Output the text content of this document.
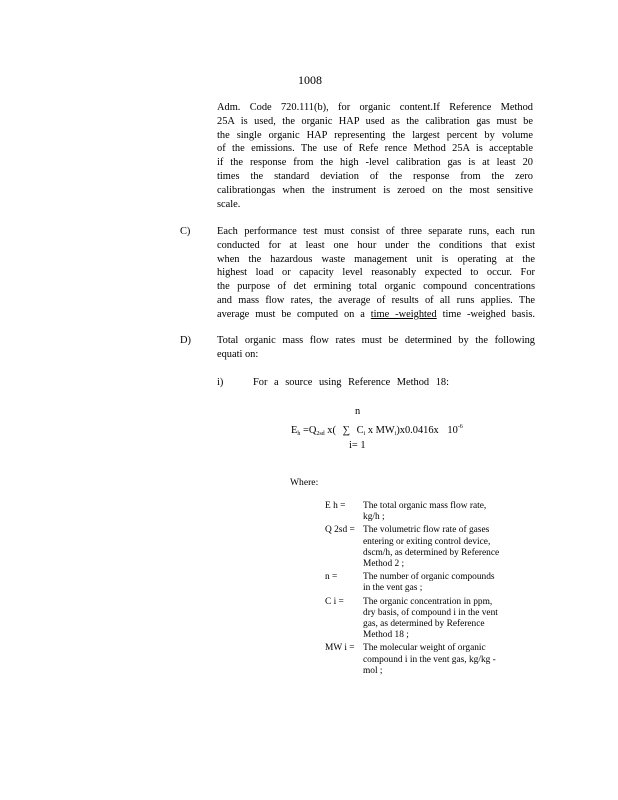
1008
Adm. Code 720.111(b), for organic content.If Reference Method
25A is used, the organic HAP used as the calibration gas must be
the single organic HAP representing the largest percent by volume
of the emissions. The use of Refe rence Method 25A is acceptable
if the response from the high -level calibration gas is at least 20
times the standard deviation of the response from the zero
calibrationgas when the instrument is zeroed on the most sensitive
scale.
C)	Each performance test must consist of three separate runs, each run
conducted for at least one hour under the conditions that exist
when the hazardous waste management unit is operating at the
highest load or capacity level reasonably expected to occur. For
the purpose of det ermining total organic compound concentrations
and mass flow rates, the average of results of all runs applies. The
average must be computed on a time -weighted time -weighed basis.
D)	Total organic mass flow rates must be determined by the following
equati on:
i)	For a source using Reference Method 18:
n
$E_h =Q_{2sd}$ x( ∑ $C_i$ x $MW_i)x0.0416x$ $10^{-6}$
i= 1
Where:
E h = The total organic mass flow rate,
kg/h ;
Q 2sd = The volumetric flow rate of gases
entering or exiting control device,
dscm/h, as determined by Reference
Method 2 ;
n =	The number of organic compounds
in the vent gas ;
C i = The organic concentration in ppm,
dry basis, of compound i in the vent
gas, as determined by Reference
Method 18 ;
MW i = The molecular weight of organic
compound i in the vent gas, kg/kg -
mol ;
